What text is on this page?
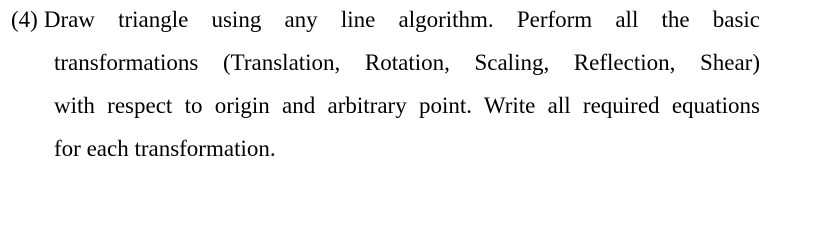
(4) Draw triangle using any line algorithm. Perform all the basic
transformations (Translation, Rotation, Scaling, Reflection, Shear)
with respect to origin and arbitrary point. Write all required equations
for each transformation.
